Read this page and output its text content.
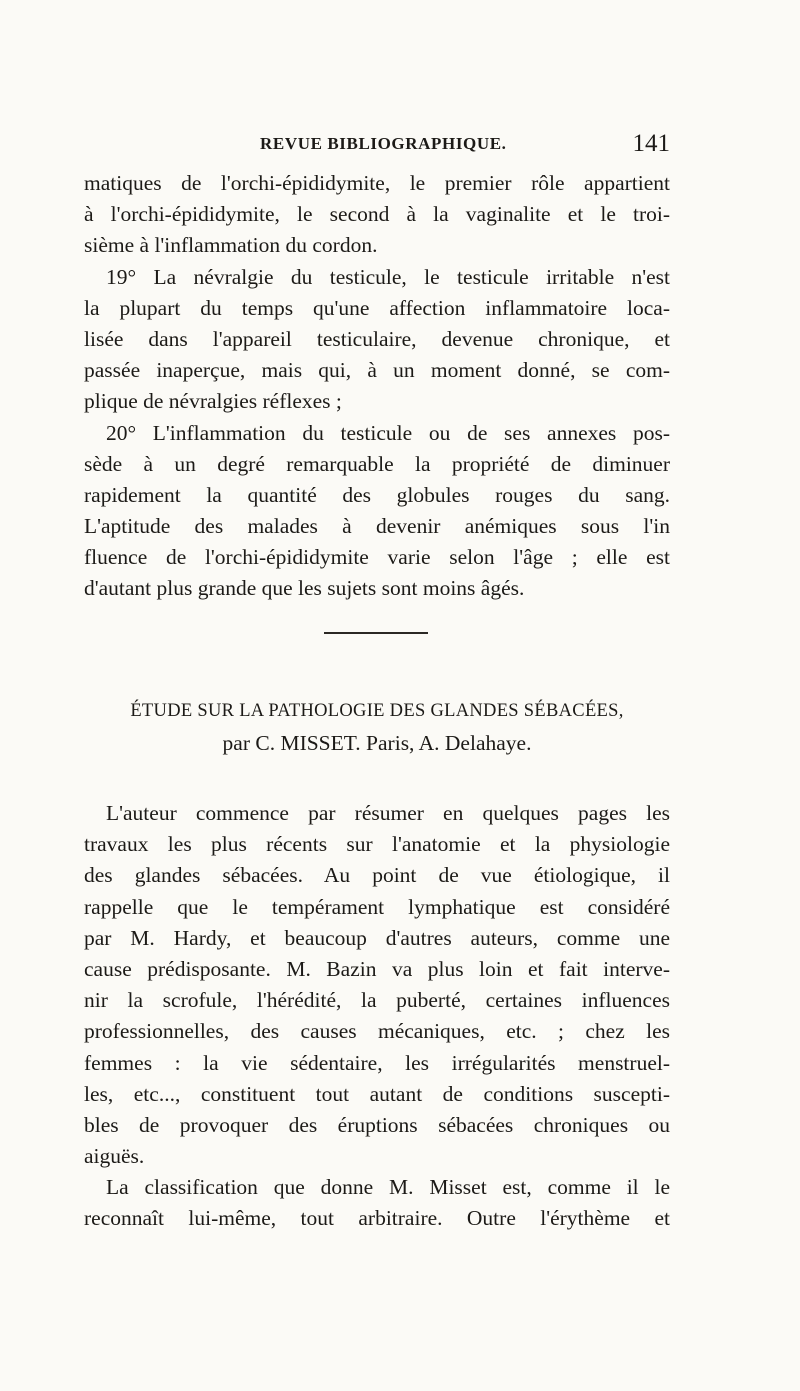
REVUE BIBLIOGRAPHIQUE.	141
matiques de l'orchi-épididymite, le premier rôle appartient
à l'orchi-épididymite, le second à la vaginalite et le troi-
sième à l'inflammation du cordon.
19° La névralgie du testicule, le testicule irritable n'est
la plupart du temps qu'une affection inflammatoire loca-
lisée dans l'appareil testiculaire, devenue chronique, et
passée inaperçue, mais qui, à un moment donné, se com-
plique de névralgies réflexes ;
20° L'inflammation du testicule ou de ses annexes pos-
sède à un degré remarquable la propriété de diminuer
rapidement la quantité des globules rouges du sang.
L'aptitude des malades à devenir anémiques sous l'in
fluence de l'orchi-épididymite varie selon l'âge ; elle est
d'autant plus grande que les sujets sont moins âgés.
ÉTUDE SUR LA PATHOLOGIE DES GLANDES SÉBACÉES,
par C. MISSET. Paris, A. Delahaye.
L'auteur commence par résumer en quelques pages les
travaux les plus récents sur l'anatomie et la physiologie
des glandes sébacées. Au point de vue étiologique, il
rappelle que le tempérament lymphatique est considéré
par M. Hardy, et beaucoup d'autres auteurs, comme une
cause prédisposante. M. Bazin va plus loin et fait interve-
nir la scrofule, l'hérédité, la puberté, certaines influences
professionnelles, des causes mécaniques, etc. ; chez les
femmes : la vie sédentaire, les irrégularités menstruel-
les, etc..., constituent tout autant de conditions suscepti-
bles de provoquer des éruptions sébacées chroniques ou
aiguës.
La classification que donne M. Misset est, comme il le
reconnaît lui-même, tout arbitraire. Outre l'érythème et
